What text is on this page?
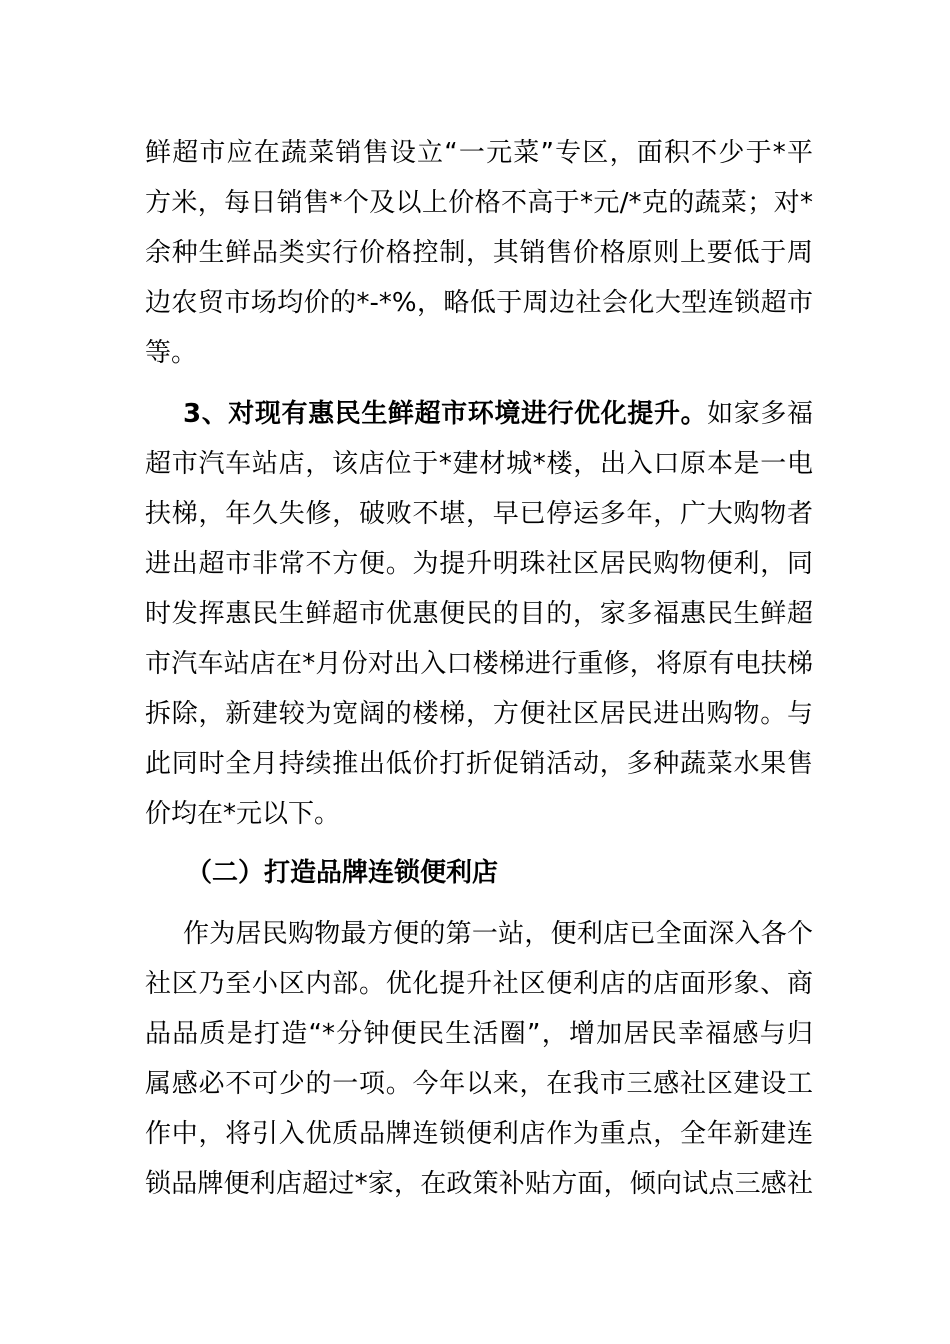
鲜超市应在蔬菜销售设立“一元菜”专区，面积不少于*平
方米，每日销售*个及以上价格不高于*元/*克的蔬菜；对*
余种生鲜品类实行价格控制，其销售价格原则上要低于周
边农贸市场均价的*-*%，略低于周边社会化大型连锁超市
等。
3、对现有惠民生鲜超市环境进行优化提升。如家多福
超市汽车站店，该店位于*建材城*楼，出入口原本是一电
扶梯，年久失修，破败不堪，早已停运多年，广大购物者
进出超市非常不方便。为提升明珠社区居民购物便利，同
时发挥惠民生鲜超市优惠便民的目的，家多福惠民生鲜超
市汽车站店在*月份对出入口楼梯进行重修，将原有电扶梯
拆除，新建较为宽阔的楼梯，方便社区居民进出购物。与
此同时全月持续推出低价打折促销活动，多种蔬菜水果售
价均在*元以下。
（二）打造品牌连锁便利店
作为居民购物最方便的第一站，便利店已全面深入各个
社区乃至小区内部。优化提升社区便利店的店面形象、商
品品质是打造“*分钟便民生活圈”，增加居民幸福感与归
属感必不可少的一项。今年以来，在我市三感社区建设工
作中，将引入优质品牌连锁便利店作为重点，全年新建连
锁品牌便利店超过*家，在政策补贴方面，倾向试点三感社
